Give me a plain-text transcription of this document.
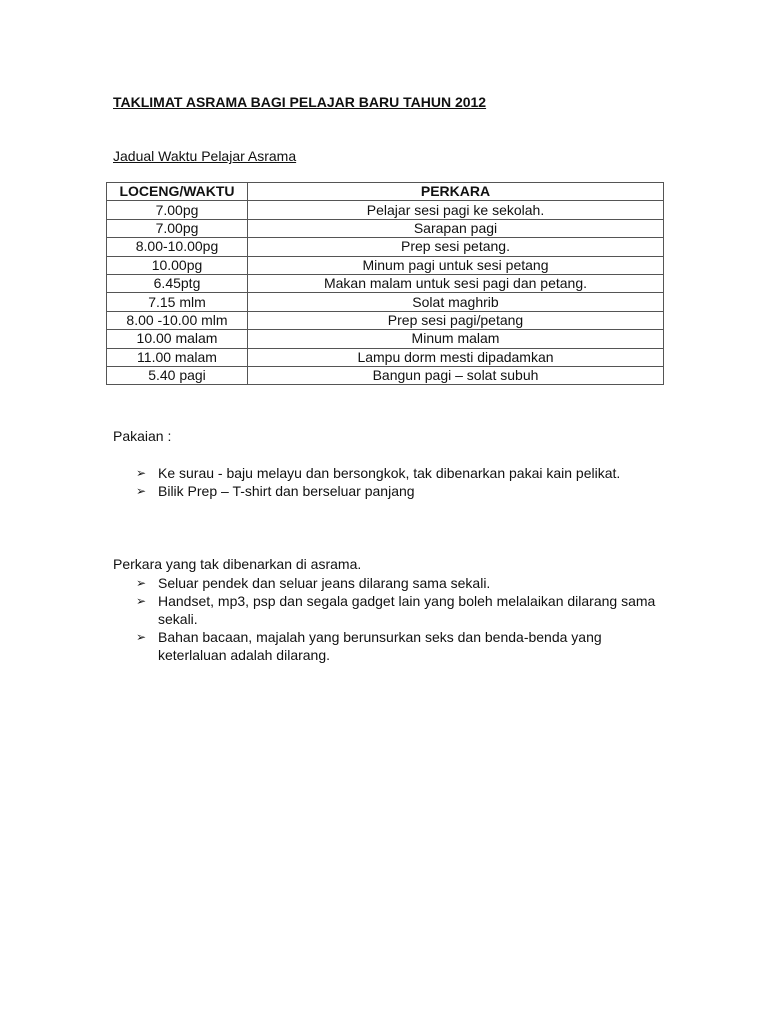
TAKLIMAT ASRAMA BAGI PELAJAR BARU TAHUN 2012
Jadual Waktu Pelajar Asrama
LOCENG/WAKTU	PERKARA
7.00pg	Pelajar sesi pagi ke sekolah.
7.00pg	Sarapan pagi
8.00-10.00pg	Prep sesi petang.
10.00pg	Minum pagi untuk sesi petang
6.45ptg	Makan malam untuk sesi pagi dan petang.
7.15 mlm	Solat maghrib
8.00 -10.00 mlm	Prep sesi pagi/petang
10.00 malam	Minum malam
11.00 malam	Lampu dorm mesti dipadamkan
5.40 pagi	Bangun pagi – solat subuh
Pakaian :
➢ Ke surau - baju melayu dan bersongkok, tak dibenarkan pakai kain pelikat.
➢ Bilik Prep – T-shirt dan berseluar panjang
Perkara yang tak dibenarkan di asrama.
➢ Seluar pendek dan seluar jeans dilarang sama sekali.
➢ Handset, mp3, psp dan segala gadget lain yang boleh melalaikan dilarang sama sekali.
➢ Bahan bacaan, majalah yang berunsurkan seks dan benda-benda yang keterlaluan adalah dilarang.
